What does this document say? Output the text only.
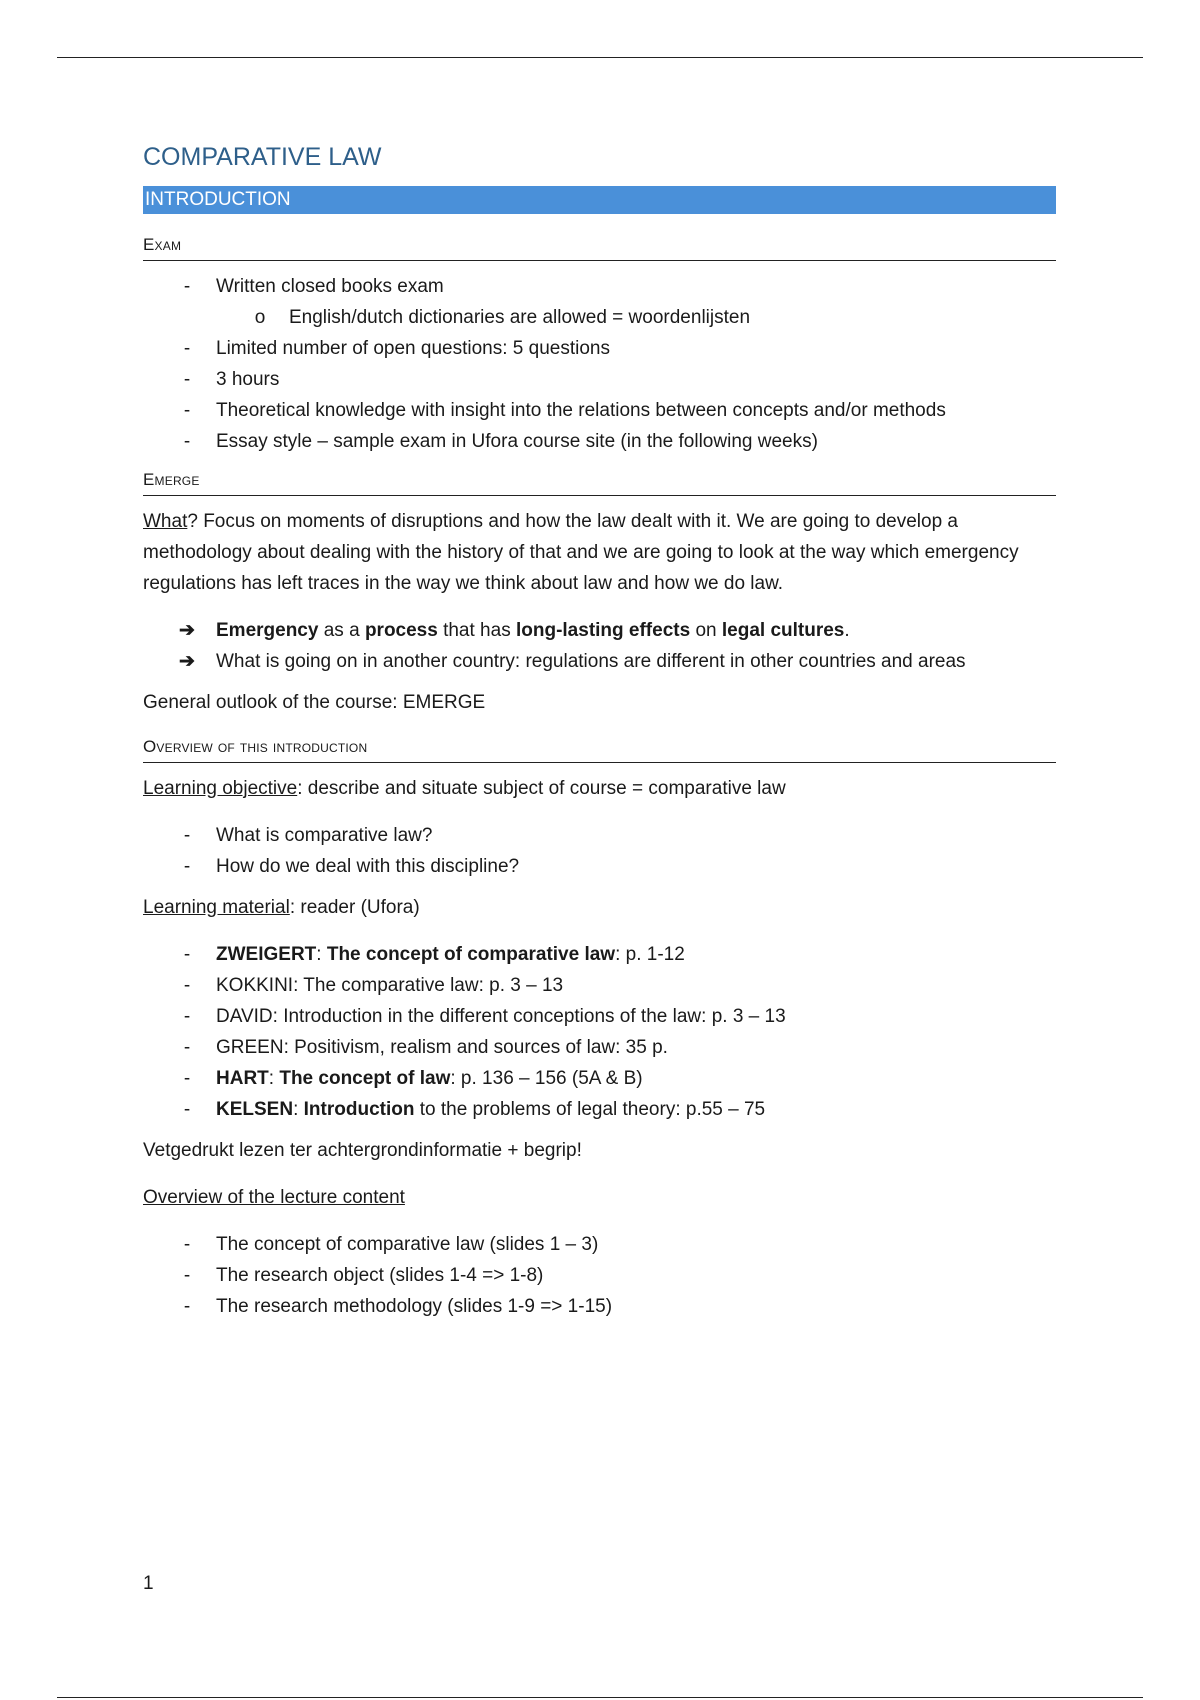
COMPARATIVE LAW
INTRODUCTION
Exam
- Written closed books exam
o English/dutch dictionaries are allowed = woordenlijsten
- Limited number of open questions: 5 questions
- 3 hours
- Theoretical knowledge with insight into the relations between concepts and/or methods
- Essay style – sample exam in Ufora course site (in the following weeks)
Emerge

What? Focus on moments of disruptions and how the law dealt with it. We are going to develop a methodology about dealing with the history of that and we are going to look at the way which emergency regulations has left traces in the way we think about law and how we do law.

➔ Emergency as a process that has long-lasting effects on legal cultures.
➔ What is going on in another country: regulations are different in other countries and areas

General outlook of the course: EMERGE

Overview of this introduction

Learning objective: describe and situate subject of course = comparative law

- What is comparative law?
- How do we deal with this discipline?

Learning material: reader (Ufora)

- ZWEIGERT: The concept of comparative law: p. 1-12
- KOKKINI: The comparative law: p. 3 – 13
- DAVID: Introduction in the different conceptions of the law: p. 3 – 13
- GREEN: Positivism, realism and sources of law: 35 p.
- HART: The concept of law: p. 136 – 156 (5A & B)
- KELSEN: Introduction to the problems of legal theory: p.55 – 75

Vetgedrukt lezen ter achtergrondinformatie + begrip!

Overview of the lecture content

- The concept of comparative law (slides 1 – 3)
- The research object (slides 1-4 => 1-8)
- The research methodology (slides 1-9 => 1-15)
1
